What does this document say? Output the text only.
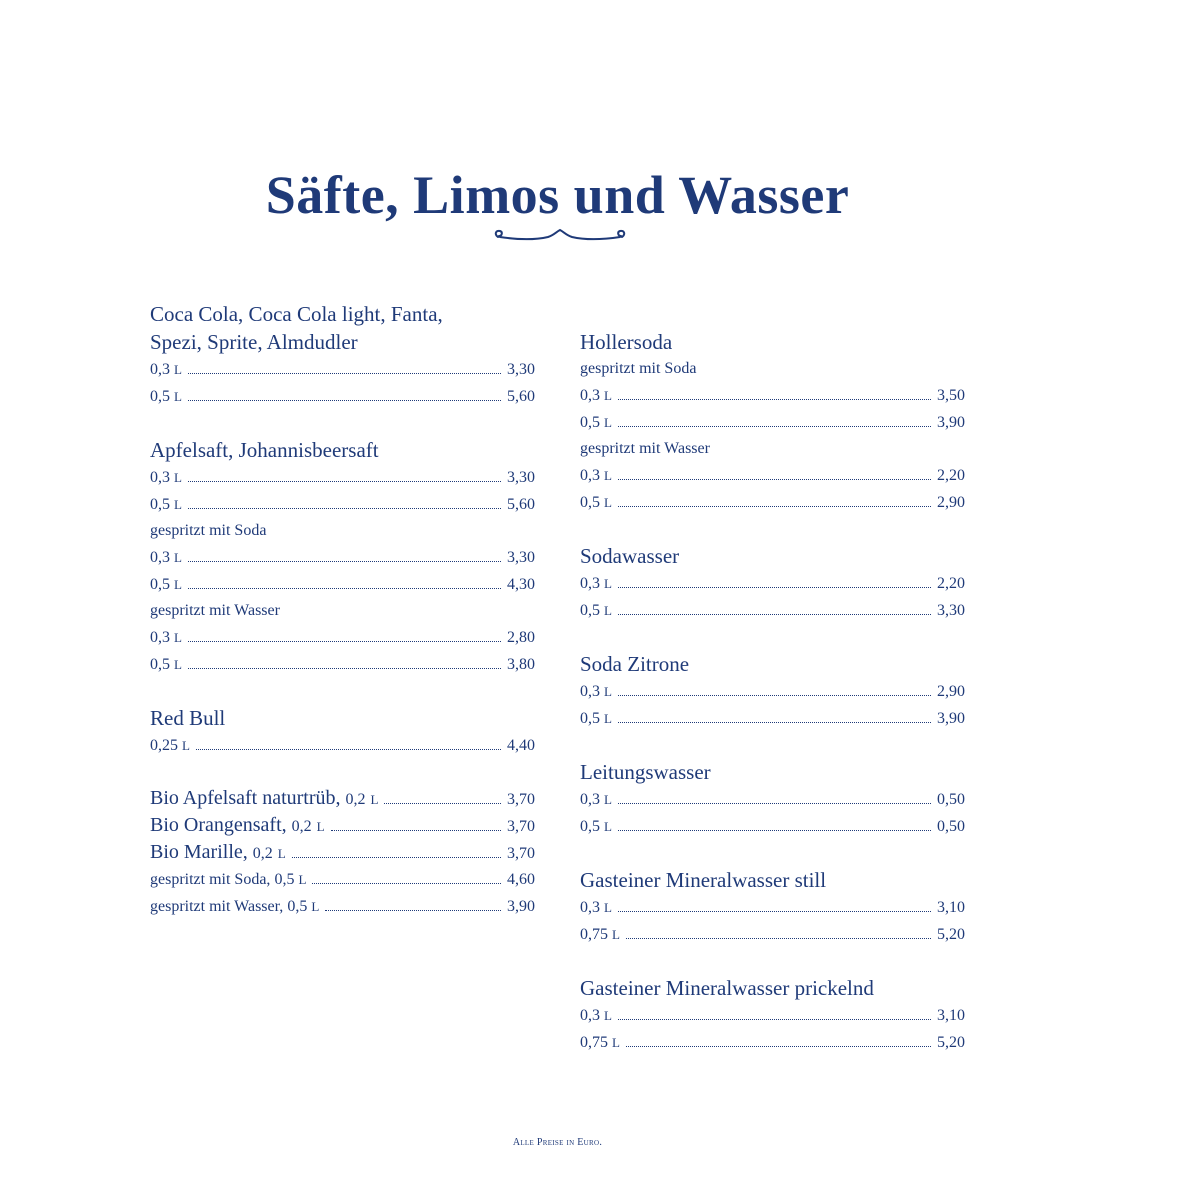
Säfte, Limos und Wasser
Coca Cola, Coca Cola light, Fanta,
Spezi, Sprite, Almdudler
0,3 L	3,30
0,5 L	5,60
Apfelsaft, Johannisbeersaft
0,3 L	3,30
0,5 L	5,60
gespritzt mit Soda
0,3 L	3,30
0,5 L	4,30
gespritzt mit Wasser
0,3 L	2,80
0,5 L	3,80
Red Bull
0,25 L	4,40
Bio Apfelsaft naturtrüb, 0,2 L	3,70
Bio Orangensaft, 0,2 L	3,70
Bio Marille, 0,2 L	3,70
gespritzt mit Soda, 0,5 L	4,60
gespritzt mit Wasser, 0,5 L	3,90
Hollersoda
gespritzt mit Soda
0,3 L	3,50
0,5 L	3,90
gespritzt mit Wasser
0,3 L	2,20
0,5 L	2,90
Sodawasser
0,3 L	2,20
0,5 L	3,30
Soda Zitrone
0,3 L	2,90
0,5 L	3,90
Leitungswasser
0,3 L	0,50
0,5 L	0,50
Gasteiner Mineralwasser still
0,3 L	3,10
0,75 L	5,20
Gasteiner Mineralwasser prickelnd
0,3 L	3,10
0,75 L	5,20
Alle Preise in Euro.
